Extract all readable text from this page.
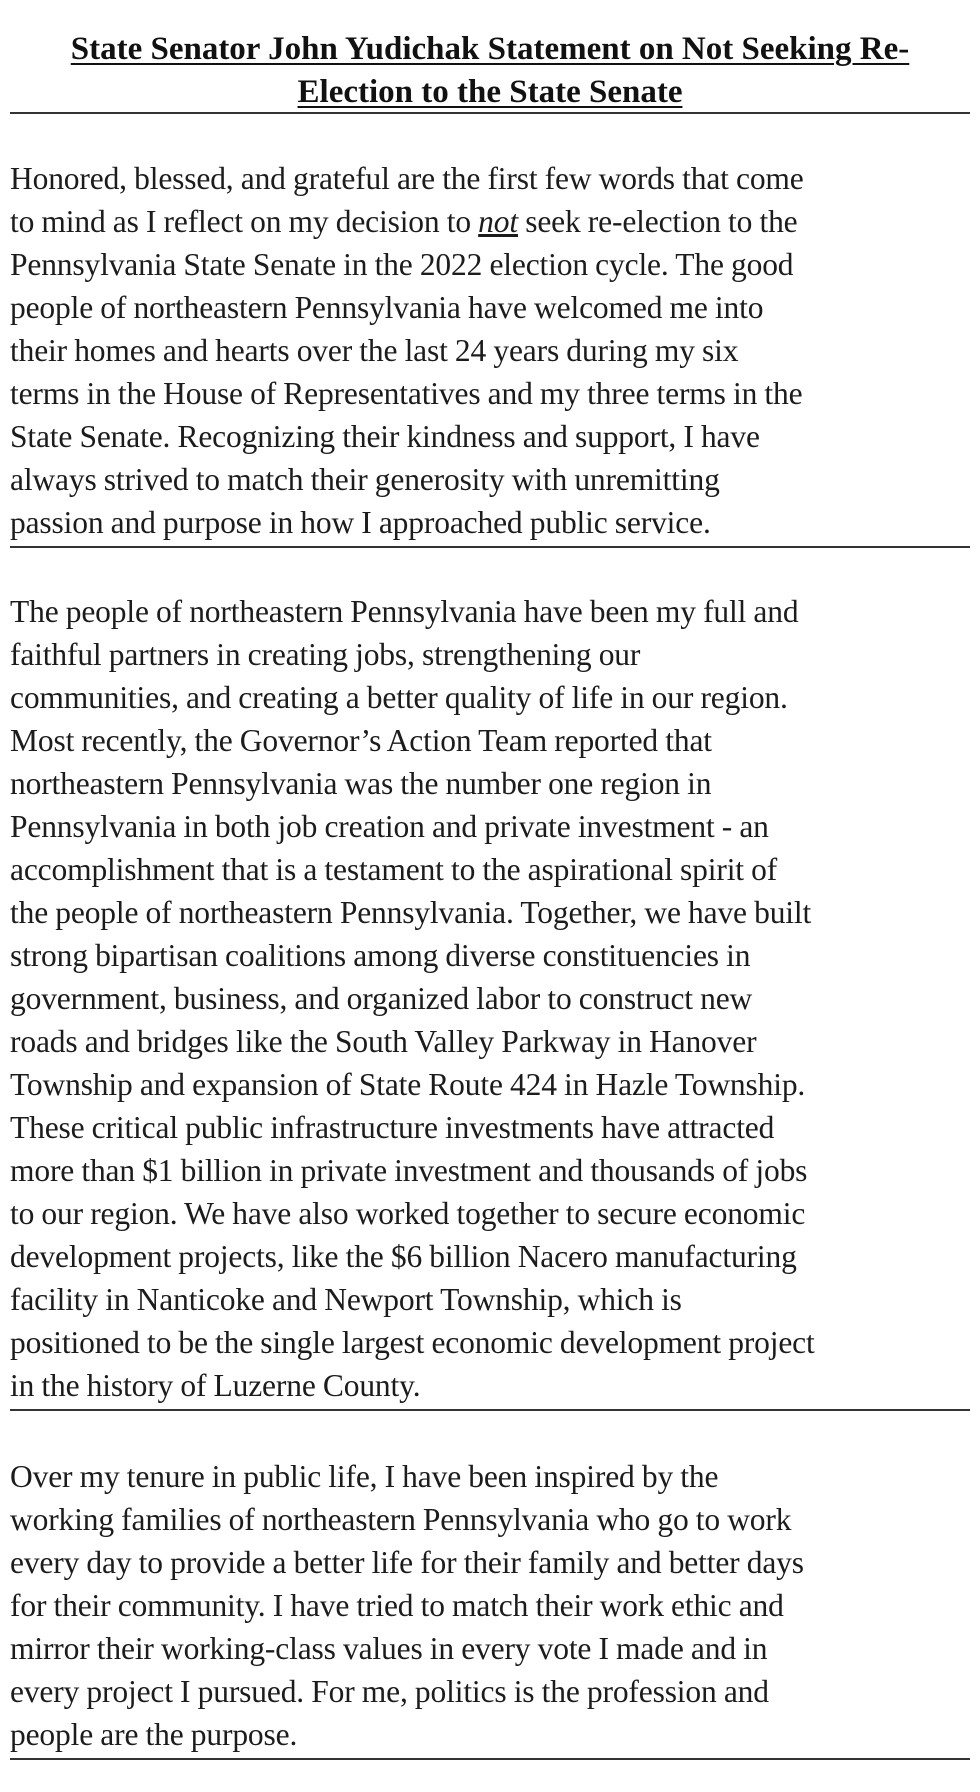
State Senator John Yudichak Statement on Not Seeking Re-
Election to the State Senate

Honored, blessed, and grateful are the first few words that come
to mind as I reflect on my decision to not seek re-election to the
Pennsylvania State Senate in the 2022 election cycle. The good
people of northeastern Pennsylvania have welcomed me into
their homes and hearts over the last 24 years during my six
terms in the House of Representatives and my three terms in the
State Senate. Recognizing their kindness and support, I have
always strived to match their generosity with unremitting
passion and purpose in how I approached public service.

The people of northeastern Pennsylvania have been my full and
faithful partners in creating jobs, strengthening our
communities, and creating a better quality of life in our region.
Most recently, the Governor’s Action Team reported that
northeastern Pennsylvania was the number one region in
Pennsylvania in both job creation and private investment - an
accomplishment that is a testament to the aspirational spirit of
the people of northeastern Pennsylvania. Together, we have built
strong bipartisan coalitions among diverse constituencies in
government, business, and organized labor to construct new
roads and bridges like the South Valley Parkway in Hanover
Township and expansion of State Route 424 in Hazle Township.
These critical public infrastructure investments have attracted
more than $1 billion in private investment and thousands of jobs
to our region. We have also worked together to secure economic
development projects, like the $6 billion Nacero manufacturing
facility in Nanticoke and Newport Township, which is
positioned to be the single largest economic development project
in the history of Luzerne County.

Over my tenure in public life, I have been inspired by the
working families of northeastern Pennsylvania who go to work
every day to provide a better life for their family and better days
for their community. I have tried to match their work ethic and
mirror their working-class values in every vote I made and in
every project I pursued. For me, politics is the profession and
people are the purpose.
